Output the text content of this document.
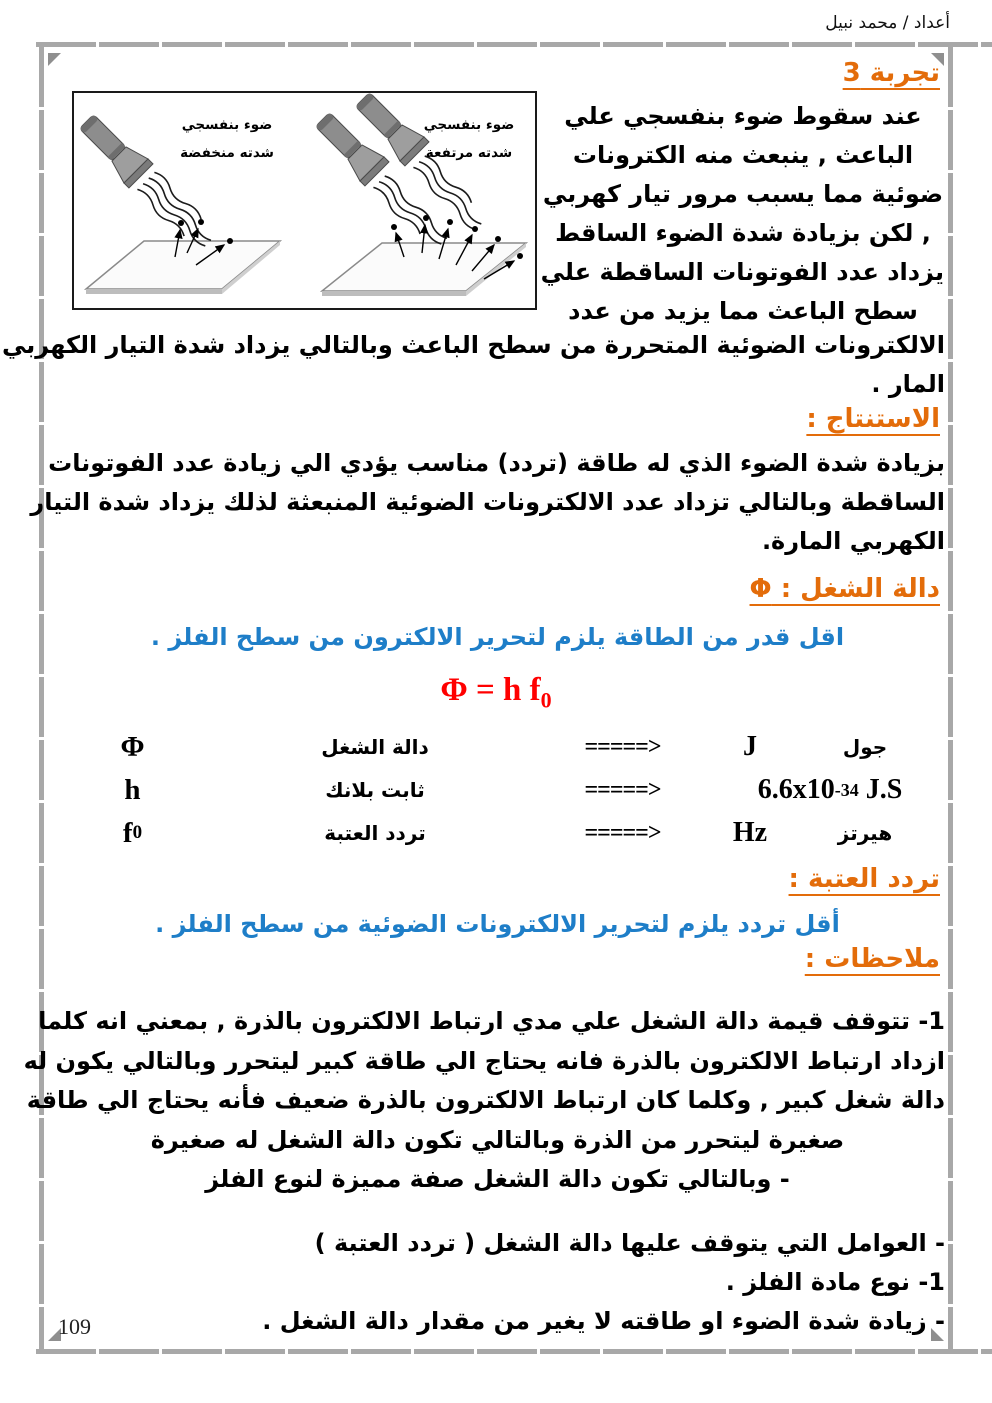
أعداد / محمد نبيل
تجربة 3
ضوء بنفسجي
شدته منخفضة
ضوء بنفسجي
شدته مرتفعة
عند سقوط ضوء بنفسجي علي
الباعث , ينبعث منه الكترونات
ضوئية مما يسبب مرور تيار كهربي
, لكن بزيادة شدة الضوء الساقط
يزداد عدد الفوتونات الساقطة علي
سطح الباعث مما يزيد من عدد
الالكترونات الضوئية المتحررة من سطح الباعث وبالتالي يزداد شدة التيار الكهربي
المار .
الاستنتاج :
بزيادة شدة الضوء الذي له طاقة (تردد) مناسب يؤدي الي زيادة عدد الفوتونات
الساقطة وبالتالي تزداد عدد الالكترونات الضوئية المنبعثة لذلك يزداد شدة التيار
الكهربي المارة.
دالة الشغل : Φ
اقل قدر من الطاقة يلزم لتحرير الالكترون من سطح الفلز .
Φ = h $f_0$
Φ	دالة الشغل	=====>	J	جول
h	ثابت بلانك	=====>	6.6x10 -34 J.S
f 0	تردد العتبة	=====>	Hz	هيرتز
تردد العتبة :
أقل تردد يلزم لتحرير الالكترونات الضوئية من سطح الفلز .
ملاحظات :
1- تتوقف قيمة دالة الشغل علي مدي ارتباط الالكترون بالذرة , بمعني انه كلما
ازداد ارتباط الالكترون بالذرة فانه يحتاج الي طاقة كبير ليتحرر وبالتالي يكون له
دالة شغل كبير , وكلما كان ارتباط الالكترون بالذرة ضعيف فأنه يحتاج الي طاقة
صغيرة ليتحرر من الذرة وبالتالي تكون دالة الشغل له صغيرة
- وبالتالي تكون دالة الشغل صفة مميزة لنوع الفلز
- العوامل التي يتوقف عليها دالة الشغل ( تردد العتبة )
1- نوع مادة الفلز .
- زيادة شدة الضوء او طاقته لا يغير من مقدار دالة الشغل .
109
